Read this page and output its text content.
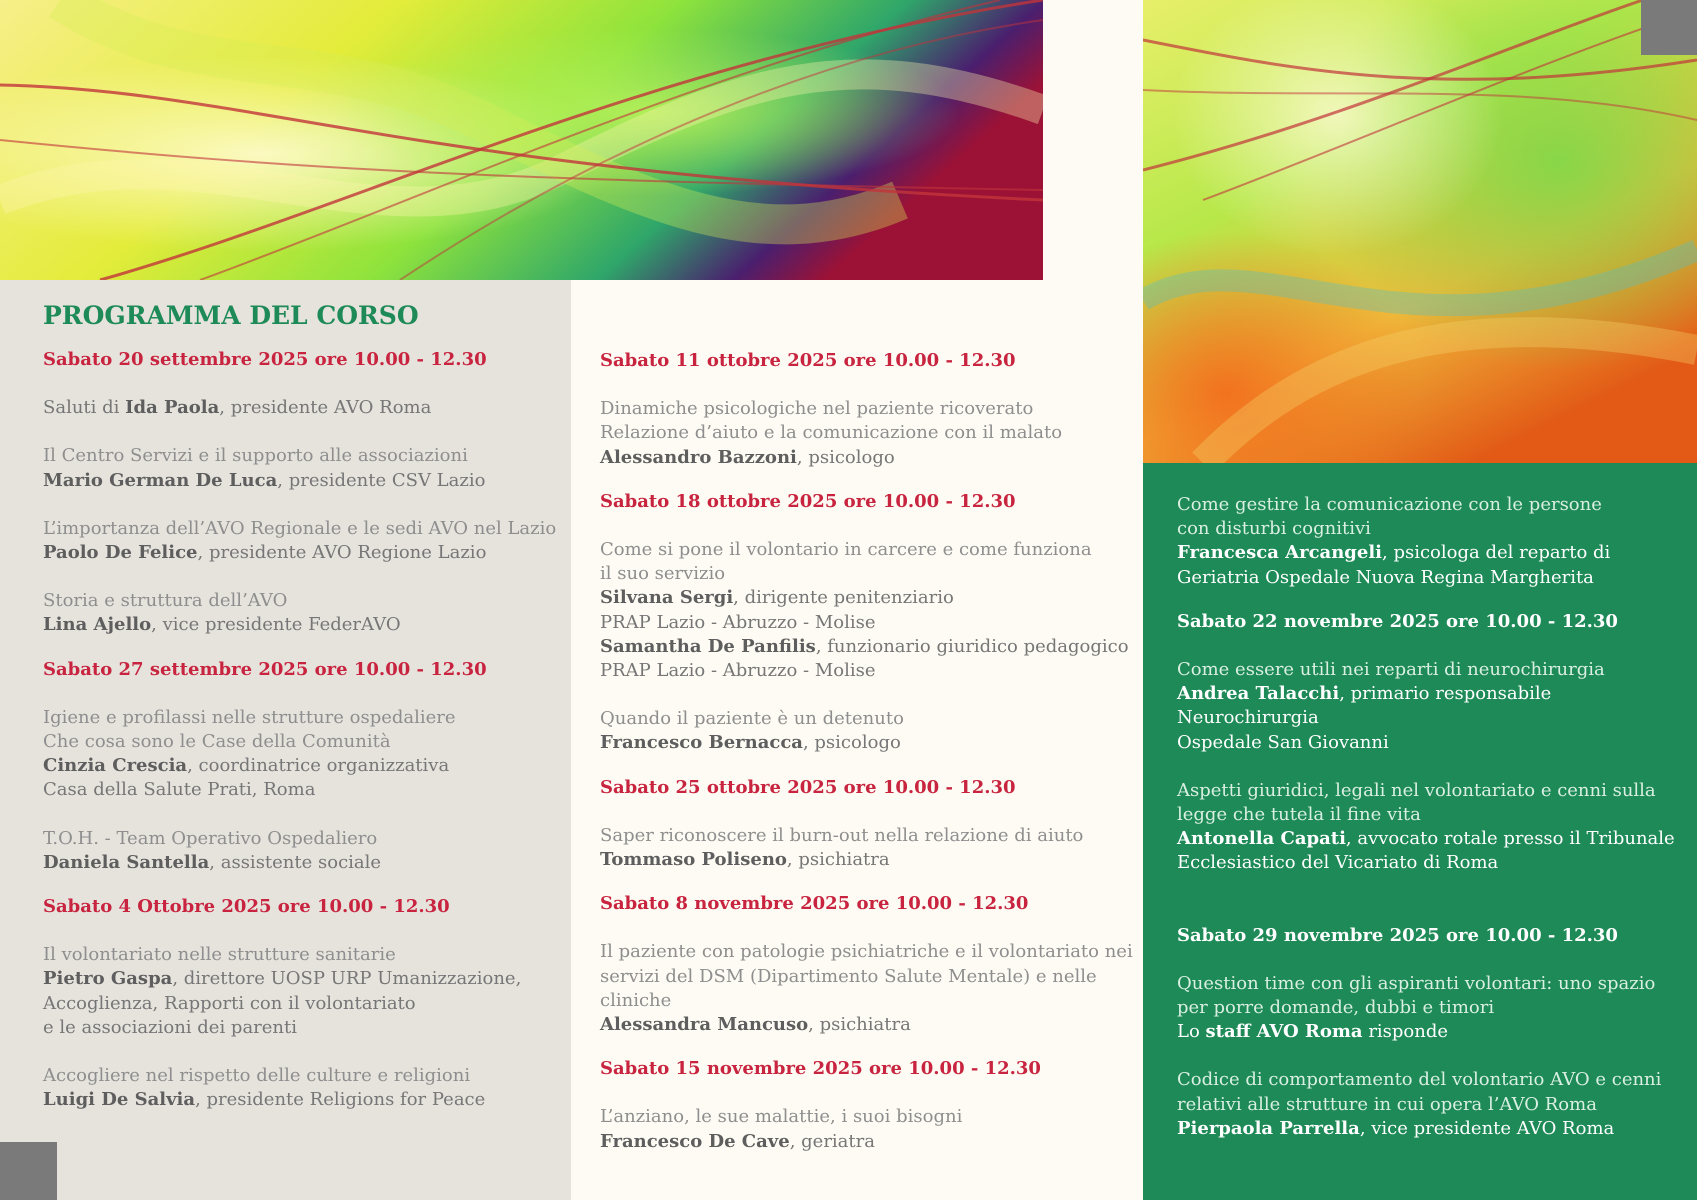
PROGRAMMA DEL CORSO

Sabato 20 settembre 2025 ore 10.00 - 12.30

Saluti di Ida Paola, presidente AVO Roma

Il Centro Servizi e il supporto alle associazioni

Mario German De Luca, presidente CSV Lazio

L’importanza dell’AVO Regionale e le sedi AVO nel Lazio

Paolo De Felice, presidente AVO Regione Lazio

Storia e struttura dell’AVO

Lina Ajello, vice presidente FederAVO

Sabato 27 settembre 2025 ore 10.00 - 12.30

Igiene e profilassi nelle strutture ospedaliere

Che cosa sono le Case della Comunità

Cinzia Crescia, coordinatrice organizzativa

Casa della Salute Prati, Roma

T.O.H. - Team Operativo Ospedaliero

Daniela Santella, assistente sociale

Sabato 4 Ottobre 2025 ore 10.00 - 12.30

Il volontariato nelle strutture sanitarie

Pietro Gaspa, direttore UOSP URP Umanizzazione,

Accoglienza, Rapporti con il volontariato

e le associazioni dei parenti

Accogliere nel rispetto delle culture e religioni

Luigi De Salvia, presidente Religions for Peace

Sabato 11 ottobre 2025 ore 10.00 - 12.30

Dinamiche psicologiche nel paziente ricoverato

Relazione d’aiuto e la comunicazione con il malato

Alessandro Bazzoni, psicologo

Sabato 18 ottobre 2025 ore 10.00 - 12.30

Come si pone il volontario in carcere e come funziona

il suo servizio

Silvana Sergi, dirigente penitenziario

PRAP Lazio - Abruzzo - Molise

Samantha De Panfilis, funzionario giuridico pedagogico

PRAP Lazio - Abruzzo - Molise

Quando il paziente è un detenuto

Francesco Bernacca, psicologo

Sabato 25 ottobre 2025 ore 10.00 - 12.30

Saper riconoscere il burn-out nella relazione di aiuto

Tommaso Poliseno, psichiatra

Sabato 8 novembre 2025 ore 10.00 - 12.30

Il paziente con patologie psichiatriche e il volontariato nei

servizi del DSM (Dipartimento Salute Mentale) e nelle cliniche

Alessandra Mancuso, psichiatra

Sabato 15 novembre 2025 ore 10.00 - 12.30

L’anziano, le sue malattie, i suoi bisogni

Francesco De Cave, geriatra

Come gestire la comunicazione con le persone

con disturbi cognitivi

Francesca Arcangeli, psicologa del reparto di

Geriatria Ospedale Nuova Regina Margherita

Sabato 22 novembre 2025 ore 10.00 - 12.30

Come essere utili nei reparti di neurochirurgia

Andrea Talacchi, primario responsabile Neurochirurgia

Ospedale San Giovanni

Aspetti giuridici, legali nel volontariato e cenni sulla

legge che tutela il fine vita

Antonella Capati, avvocato rotale presso il Tribunale

Ecclesiastico del Vicariato di Roma

Sabato 29 novembre 2025 ore 10.00 - 12.30

Question time con gli aspiranti volontari: uno spazio

per porre domande, dubbi e timori

Lo staff AVO Roma risponde

Codice di comportamento del volontario AVO e cenni

relativi alle strutture in cui opera l’AVO Roma

Pierpaola Parrella, vice presidente AVO Roma
